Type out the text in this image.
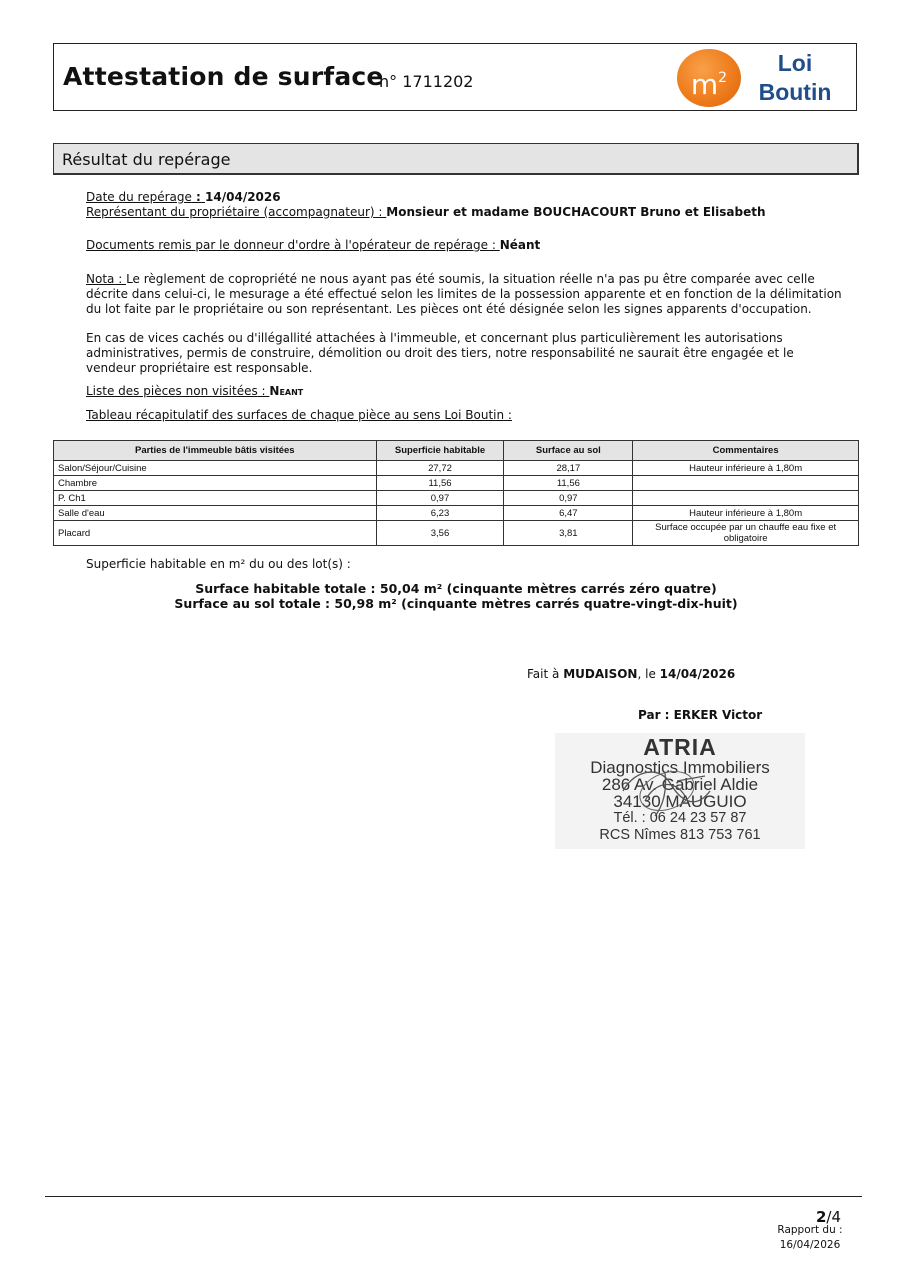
Attestation de surface
n° 1711202	$m^2$
Loi
Boutin
Résultat du repérage
Date du repérage : 14/04/2026
Représentant du propriétaire (accompagnateur) : Monsieur et madame BOUCHACOURT Bruno et Elisabeth
Documents remis par le donneur d'ordre à l'opérateur de repérage : Néant
Nota : Le règlement de copropriété ne nous ayant pas été soumis, la situation réelle n'a pas pu être comparée avec celle décrite dans celui-ci, le mesurage a été effectué selon les limites de la possession apparente et en fonction de la délimitation du lot faite par le propriétaire ou son représentant. Les pièces ont été désignée selon les signes apparents d'occupation.
En cas de vices cachés ou d'illégallité attachées à l'immeuble, et concernant plus particulièrement les autorisations administratives, permis de construire, démolition ou droit des tiers, notre responsabilité ne saurait être engagée et le vendeur propriétaire est responsable.
Liste des pièces non visitées : Neant
Tableau récapitulatif des surfaces de chaque pièce au sens Loi Boutin :
Parties de l'immeuble bâtis visitées	Superficie habitable	Surface au sol	Commentaires
Salon/Séjour/Cuisine	27,72	28,17	Hauteur inférieure à 1,80m
Chambre	11,56	11,56	
P. Ch1	0,97	0,97	
Salle d'eau	6,23	6,47	Hauteur inférieure à 1,80m
Placard	3,56	3,81	Surface occupée par un chauffe eau fixe et obligatoire
Superficie habitable en m² du ou des lot(s) :
Surface habitable totale : 50,04 m² (cinquante mètres carrés zéro quatre)
Surface au sol totale : 50,98 m² (cinquante mètres carrés quatre-vingt-dix-huit)
Fait à MUDAISON, le 14/04/2026
Par : ERKER Victor
ATRIA
Diagnostics Immobiliers
286 Av. Gabriel Aldie
34130 MAUGUIO
Tél. : 06 24 23 57 87
RCS Nîmes 813 753 761
2/4
Rapport du :
16/04/2026
